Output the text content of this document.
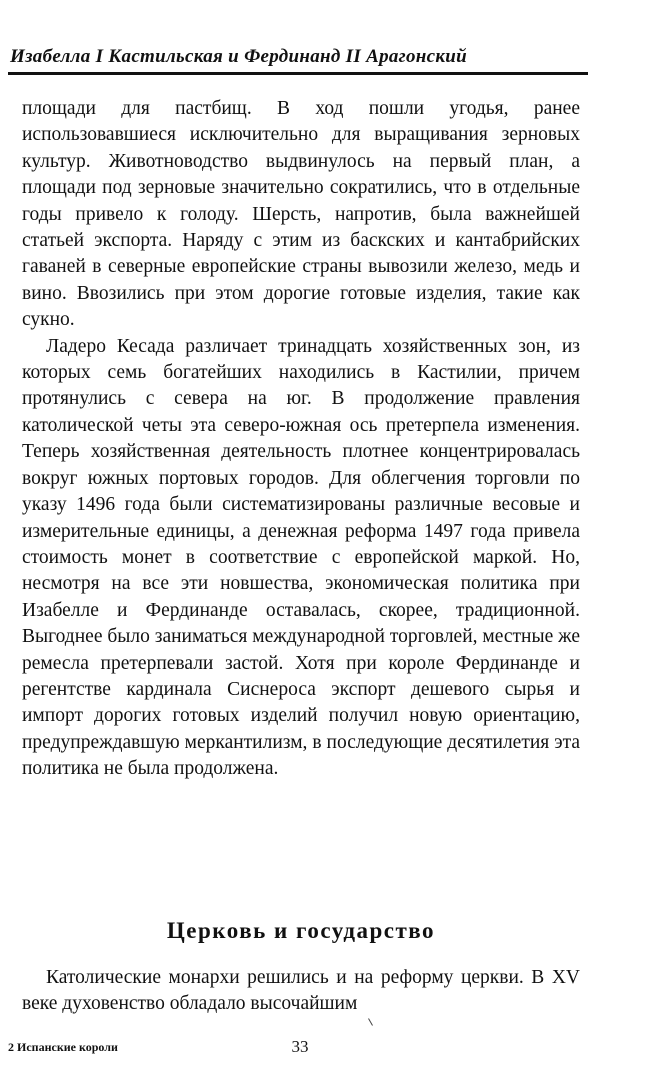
Изабелла I Кастильская и Фердинанд II Арагонский

площади для пастбищ. В ход пошли угодья, ранее использовавшиеся исключительно для выращивания зерновых культур. Животноводство выдвинулось на первый план, а площади под зерновые значительно сократились, что в отдельные годы привело к голоду. Шерсть, напротив, была важнейшей статьей экспорта. Наряду с этим из баскских и кантабрийских гаваней в северные европейские страны вывозили железо, медь и вино. Ввозились при этом дорогие готовые изделия, такие как сукно.

Ладеро Кесада различает тринадцать хозяйственных зон, из которых семь богатейших находились в Кастилии, причем протянулись с севера на юг. В продолжение правления католической четы эта северо-южная ось претерпела изменения. Теперь хозяйственная деятельность плотнее концентрировалась вокруг южных портовых городов. Для облегчения торговли по указу 1496 года были систематизированы различные весовые и измерительные единицы, а денежная реформа 1497 года привела стоимость монет в соответствие с европейской маркой. Но, несмотря на все эти новшества, экономическая политика при Изабелле и Фердинанде оставалась, скорее, традиционной. Выгоднее было заниматься международной торговлей, местные же ремесла претерпевали застой. Хотя при короле Фердинанде и регентстве кардинала Сиснероса экспорт дешевого сырья и импорт дорогих готовых изделий получил новую ориентацию, предупреждавшую меркантилизм, в последующие десятилетия эта политика не была продолжена.

Церковь и государство
Католические монархи решились и на реформу церкви. В XV веке духовенство обладало высочайшим
2 Испанские короли	33
